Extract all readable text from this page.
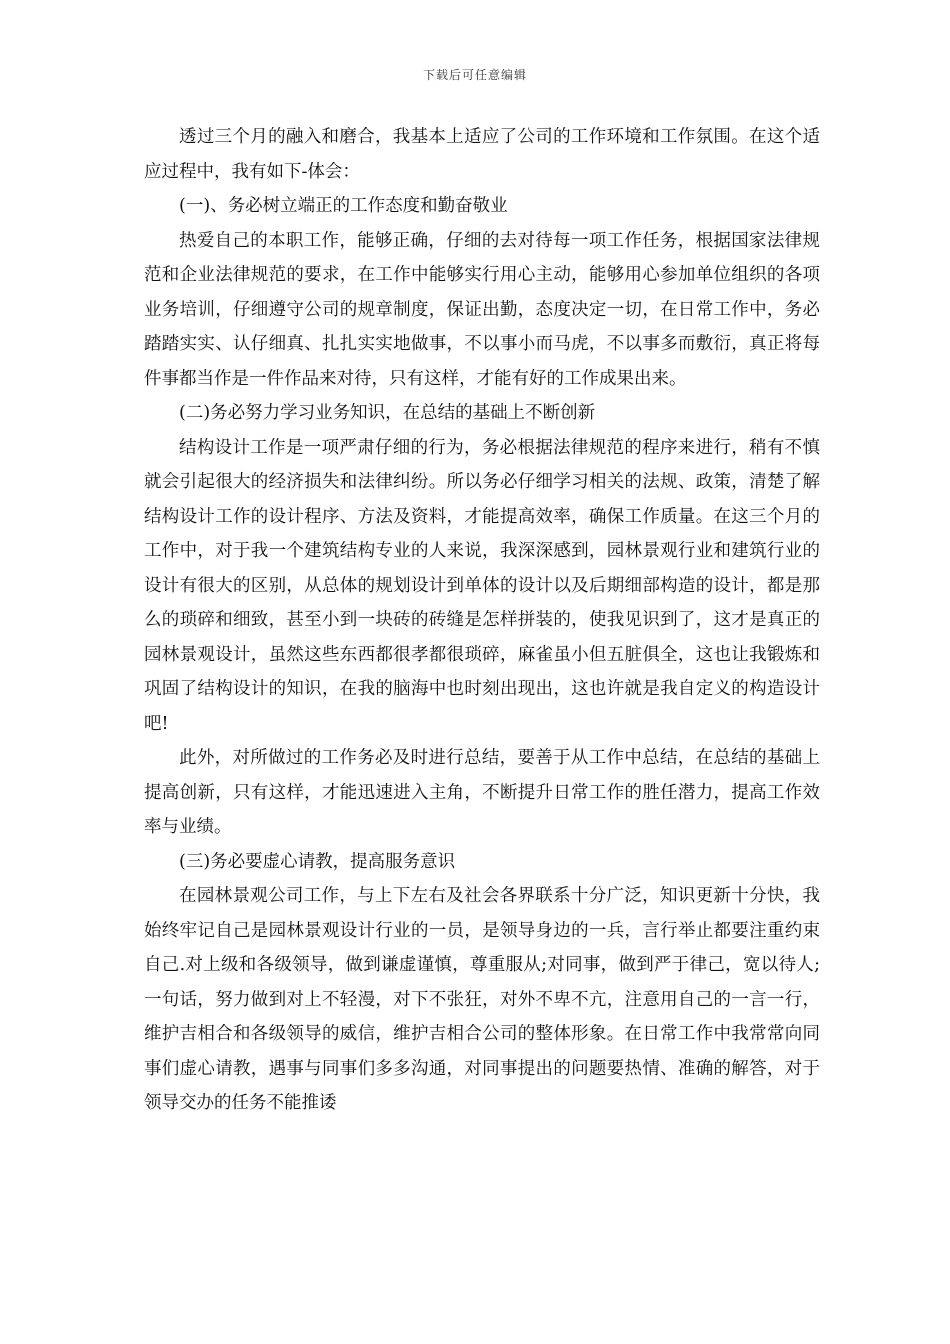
下载后可任意编辑

透过三个月的融入和磨合，我基本上适应了公司的工作环境和工作氛围。在这个适应过程中，我有如下-体会：

(一)、务必树立端正的工作态度和勤奋敬业

热爱自己的本职工作，能够正确，仔细的去对待每一项工作任务，根据国家法律规范和企业法律规范的要求，在工作中能够实行用心主动，能够用心参加单位组织的各项业务培训，仔细遵守公司的规章制度，保证出勤，态度决定一切，在日常工作中，务必踏踏实实、认仔细真、扎扎实实地做事，不以事小而马虎，不以事多而敷衍，真正将每件事都当作是一件作品来对待，只有这样，才能有好的工作成果出来。

(二)务必努力学习业务知识，在总结的基础上不断创新

结构设计工作是一项严肃仔细的行为，务必根据法律规范的程序来进行，稍有不慎就会引起很大的经济损失和法律纠纷。所以务必仔细学习相关的法规、政策，清楚了解结构设计工作的设计程序、方法及资料，才能提高效率，确保工作质量。在这三个月的工作中，对于我一个建筑结构专业的人来说，我深深感到，园林景观行业和建筑行业的设计有很大的区别，从总体的规划设计到单体的设计以及后期细部构造的设计，都是那么的琐碎和细致，甚至小到一块砖的砖缝是怎样拼装的，使我见识到了，这才是真正的园林景观设计，虽然这些东西都很孝都很琐碎，麻雀虽小但五脏俱全，这也让我锻炼和巩固了结构设计的知识，在我的脑海中也时刻出现出，这也许就是我自定义的构造设计吧!

此外，对所做过的工作务必及时进行总结，要善于从工作中总结，在总结的基础上提高创新，只有这样，才能迅速进入主角，不断提升日常工作的胜任潜力，提高工作效率与业绩。

(三)务必要虚心请教，提高服务意识

在园林景观公司工作，与上下左右及社会各界联系十分广泛，知识更新十分快，我始终牢记自己是园林景观设计行业的一员，是领导身边的一兵，言行举止都要注重约束自己.对上级和各级领导，做到谦虚谨慎，尊重服从;对同事，做到严于律己，宽以待人;一句话，努力做到对上不轻漫，对下不张狂，对外不卑不亢，注意用自己的一言一行，维护吉相合和各级领导的威信，维护吉相合公司的整体形象。在日常工作中我常常向同事们虚心请教，遇事与同事们多多沟通，对同事提出的问题要热情、准确的解答，对于领导交办的任务不能推诿
